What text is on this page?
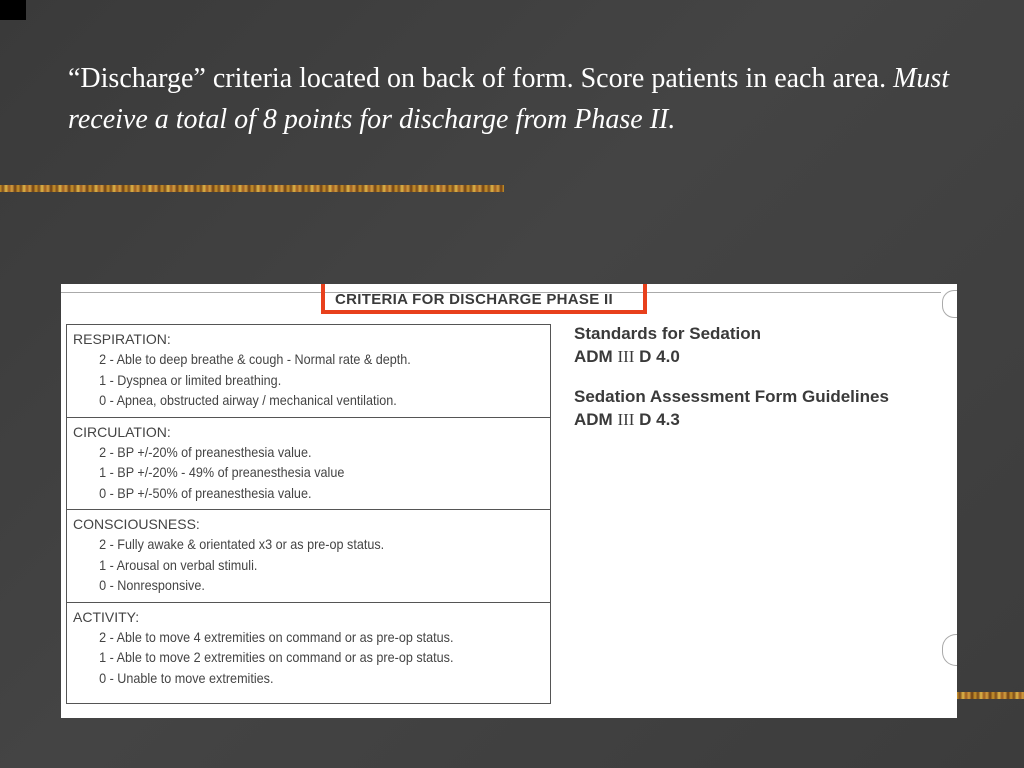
“Discharge” criteria located on back of form. Score patients in each area. Must receive a total of 8 points for discharge from Phase II.

CRITERIA FOR DISCHARGE PHASE II
RESPIRATION:
2 - Able to deep breathe & cough - Normal rate & depth.
1 - Dyspnea or limited breathing.
0 - Apnea, obstructed airway / mechanical ventilation.
CIRCULATION:
2 - BP +/-20% of preanesthesia value.
1 - BP +/-20% - 49% of preanesthesia value
0 - BP +/-50% of preanesthesia value.
CONSCIOUSNESS:
2 - Fully awake & orientated x3 or as pre-op status.
1 - Arousal on verbal stimuli.
0 - Nonresponsive.
ACTIVITY:
2 - Able to move 4 extremities on command or as pre-op status.
1 - Able to move 2 extremities on command or as pre-op status.
0 - Unable to move extremities.
Standards for Sedation
ADM III D 4.0
Sedation Assessment Form Guidelines
ADM III D 4.3
